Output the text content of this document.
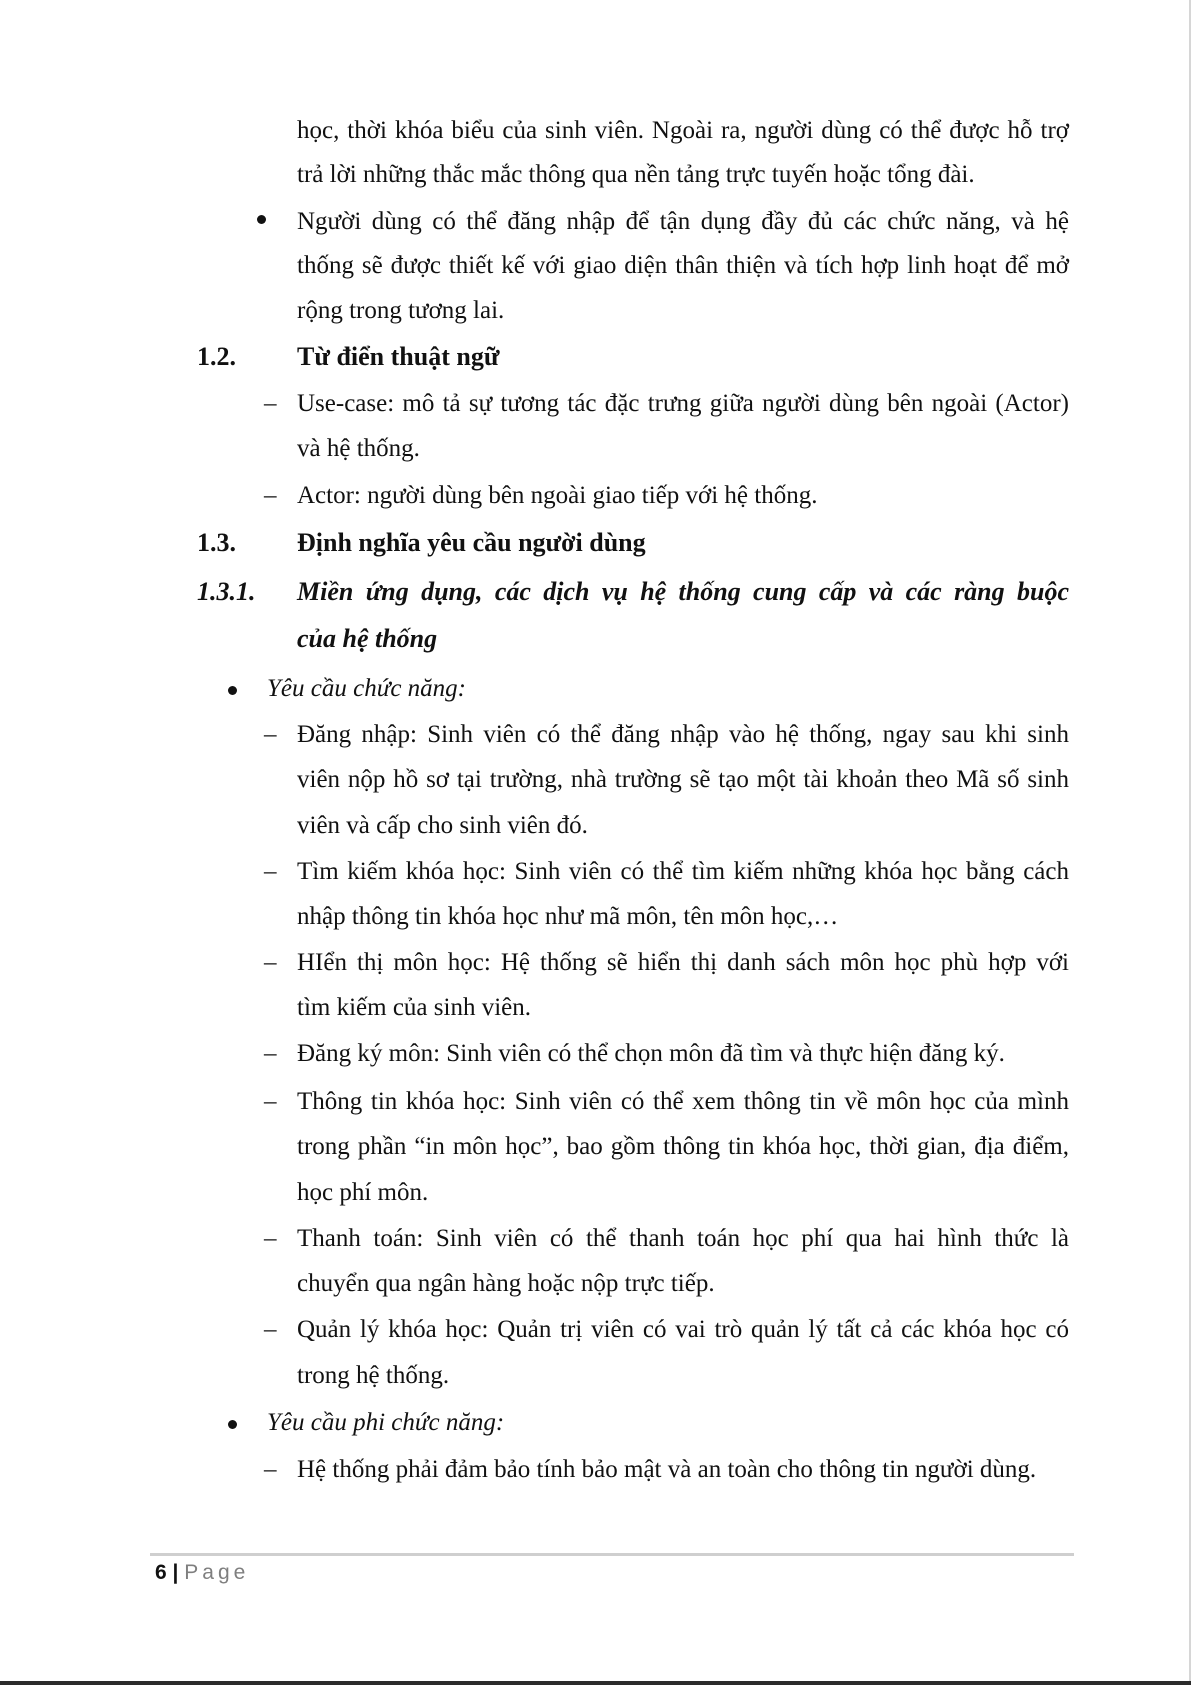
học, thời khóa biểu của sinh viên. Ngoài ra, người dùng có thể được hỗ trợ
trả lời những thắc mắc thông qua nền tảng trực tuyến hoặc tổng đài.
Người dùng có thể đăng nhập để tận dụng đầy đủ các chức năng, và hệ
thống sẽ được thiết kế với giao diện thân thiện và tích hợp linh hoạt để mở
rộng trong tương lai.
1.2. Từ điển thuật ngữ
– Use-case: mô tả sự tương tác đặc trưng giữa người dùng bên ngoài (Actor)
và hệ thống.
– Actor: người dùng bên ngoài giao tiếp với hệ thống.
1.3. Định nghĩa yêu cầu người dùng
1.3.1. Miền ứng dụng, các dịch vụ hệ thống cung cấp và các ràng buộc
của hệ thống
Yêu cầu chức năng:
– Đăng nhập: Sinh viên có thể đăng nhập vào hệ thống, ngay sau khi sinh
viên nộp hồ sơ tại trường, nhà trường sẽ tạo một tài khoản theo Mã số sinh
viên và cấp cho sinh viên đó.
– Tìm kiếm khóa học: Sinh viên có thể tìm kiếm những khóa học bằng cách
nhập thông tin khóa học như mã môn, tên môn học,…
– HIển thị môn học: Hệ thống sẽ hiển thị danh sách môn học phù hợp với
tìm kiếm của sinh viên.
– Đăng ký môn: Sinh viên có thể chọn môn đã tìm và thực hiện đăng ký.
– Thông tin khóa học: Sinh viên có thể xem thông tin về môn học của mình
trong phần “in môn học”, bao gồm thông tin khóa học, thời gian, địa điểm,
học phí môn.
– Thanh toán: Sinh viên có thể thanh toán học phí qua hai hình thức là
chuyển qua ngân hàng hoặc nộp trực tiếp.
– Quản lý khóa học: Quản trị viên có vai trò quản lý tất cả các khóa học có
trong hệ thống.
Yêu cầu phi chức năng:
– Hệ thống phải đảm bảo tính bảo mật và an toàn cho thông tin người dùng.
6 | Page
